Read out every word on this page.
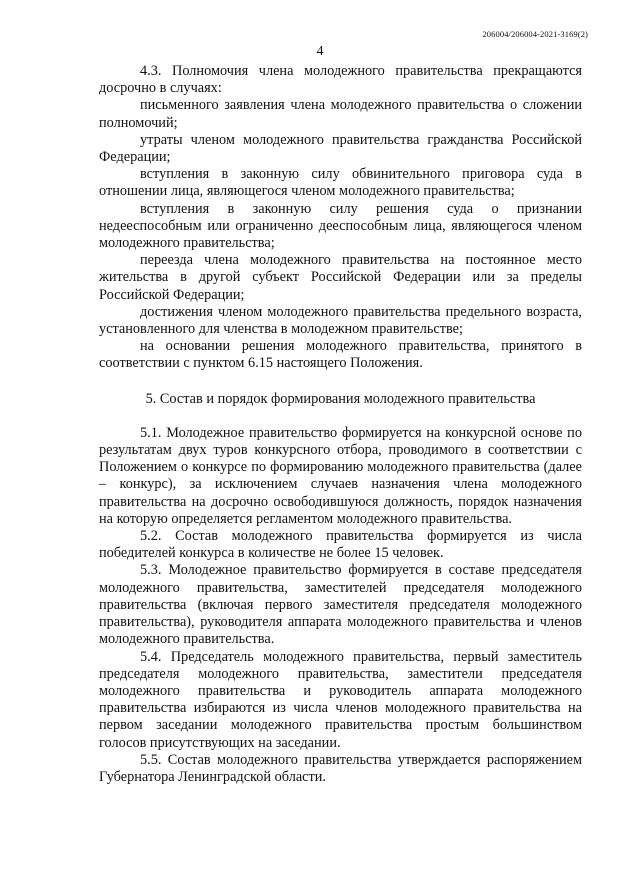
206004/206004-2021-3169(2)
4

4.3. Полномочия члена молодежного правительства прекращаются досрочно в случаях:

письменного заявления члена молодежного правительства о сложении полномочий;

утраты членом молодежного правительства гражданства Российской Федерации;

вступления в законную силу обвинительного приговора суда в отношении лица, являющегося членом молодежного правительства;

вступления в законную силу решения суда о признании недееспособным или ограниченно дееспособным лица, являющегося членом молодежного правительства;

переезда члена молодежного правительства на постоянное место жительства в другой субъект Российской Федерации или за пределы Российской Федерации;

достижения членом молодежного правительства предельного возраста, установленного для членства в молодежном правительстве;

на основании решения молодежного правительства, принятого в соответствии с пунктом 6.15 настоящего Положения.

5. Состав и порядок формирования молодежного правительства

5.1. Молодежное правительство формируется на конкурсной основе по результатам двух туров конкурсного отбора, проводимого в соответствии с Положением о конкурсе по формированию молодежного правительства (далее – конкурс), за исключением случаев назначения члена молодежного правительства на досрочно освободившуюся должность, порядок назначения на которую определяется регламентом молодежного правительства.

5.2. Состав молодежного правительства формируется из числа победителей конкурса в количестве не более 15 человек.

5.3. Молодежное правительство формируется в составе председателя молодежного правительства, заместителей председателя молодежного правительства (включая первого заместителя председателя молодежного правительства), руководителя аппарата молодежного правительства и членов молодежного правительства.

5.4. Председатель молодежного правительства, первый заместитель председателя молодежного правительства, заместители председателя молодежного правительства и руководитель аппарата молодежного правительства избираются из числа членов молодежного правительства на первом заседании молодежного правительства простым большинством голосов присутствующих на заседании.

5.5. Состав молодежного правительства утверждается распоряжением Губернатора Ленинградской области.
